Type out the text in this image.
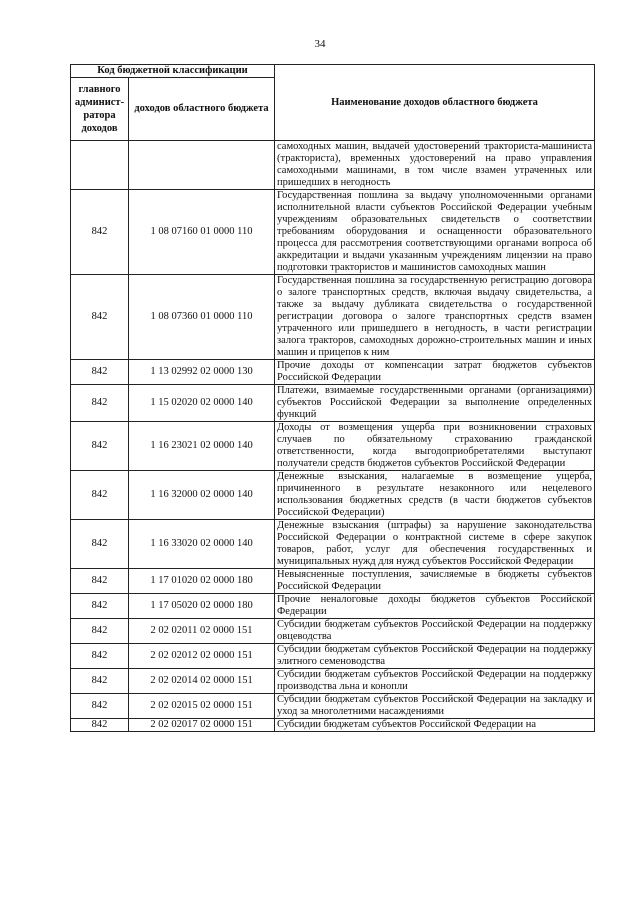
34
Код бюджетной классификации		Наименование доходов областного бюджета
главного админист-ратора доходов	доходов областного бюджета	
		самоходных машин, выдачей удостоверений тракториста-машиниста (тракториста), временных удостоверений на право управления самоходными машинами, в том числе взамен утраченных или пришедших в негодность
842	1 08 07160 01 0000 110	Государственная пошлина за выдачу уполномоченными органами исполнительной власти субъектов Российской Федерации учебным учреждениям образовательных свидетельств о соответствии требованиям оборудования и оснащенности образовательного процесса для рассмотрения соответствующими органами вопроса об аккредитации и выдачи указанным учреждениям лицензии на право подготовки трактористов и машинистов самоходных машин
842	1 08 07360 01 0000 110	Государственная пошлина за государственную регистрацию договора о залоге транспортных средств, включая выдачу свидетельства, а также за выдачу дубликата свидетельства о государственной регистрации договора о залоге транспортных средств взамен утраченного или пришедшего в негодность, в части регистрации залога тракторов, самоходных дорожно-строительных машин и иных машин и прицепов к ним
842	1 13 02992 02 0000 130	Прочие доходы от компенсации затрат бюджетов субъектов Российской Федерации
842	1 15 02020 02 0000 140	Платежи, взимаемые государственными органами (организациями) субъектов Российской Федерации за выполнение определенных функций
842	1 16 23021 02 0000 140	Доходы от возмещения ущерба при возникновении страховых случаев по обязательному страхованию гражданской ответственности, когда выгодоприобретателями выступают получатели средств бюджетов субъектов Российской Федерации
842	1 16 32000 02 0000 140	Денежные взыскания, налагаемые в возмещение ущерба, причиненного в результате незаконного или нецелевого использования бюджетных средств (в части бюджетов субъектов Российской Федерации)
842	1 16 33020 02 0000 140	Денежные взыскания (штрафы) за нарушение законодательства Российской Федерации о контрактной системе в сфере закупок товаров, работ, услуг для обеспечения государственных и муниципальных нужд для нужд субъектов Российской Федерации
842	1 17 01020 02 0000 180	Невыясненные поступления, зачисляемые в бюджеты субъектов Российской Федерации
842	1 17 05020 02 0000 180	Прочие неналоговые доходы бюджетов субъектов Российской Федерации
842	2 02 02011 02 0000 151	Субсидии бюджетам субъектов Российской Федерации на поддержку овцеводства
842	2 02 02012 02 0000 151	Субсидии бюджетам субъектов Российской Федерации на поддержку элитного семеноводства
842	2 02 02014 02 0000 151	Субсидии бюджетам субъектов Российской Федерации на поддержку производства льна и конопли
842	2 02 02015 02 0000 151	Субсидии бюджетам субъектов Российской Федерации на закладку и уход за многолетними насаждениями
842	2 02 02017 02 0000 151	Субсидии бюджетам субъектов Российской Федерации на
